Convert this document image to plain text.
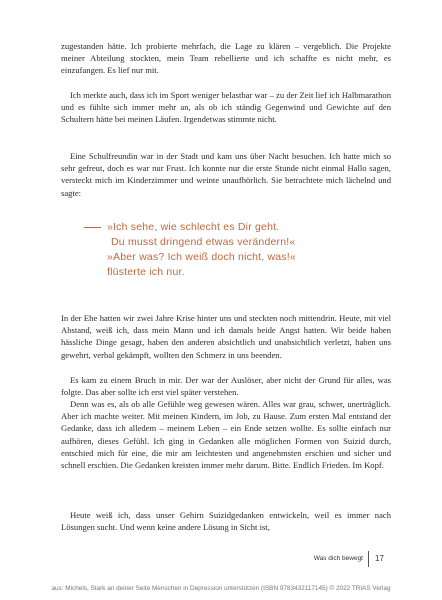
zugestanden hätte. Ich probierte mehrfach, die Lage zu klären – vergeblich. Die Projekte meiner Abteilung stockten, mein Team rebellierte und ich schaffte es nicht mehr, es einzufangen. Es lief nur mit.

Ich merkte auch, dass ich im Sport weniger belastbar war – zu der Zeit lief ich Halbmarathon und es fühlte sich immer mehr an, als ob ich ständig Gegenwind und Gewichte auf den Schultern hätte bei meinen Läufen. Irgendetwas stimmte nicht.

Eine Schulfreundin war in der Stadt und kam uns über Nacht besuchen. Ich hatte mich so sehr gefreut, doch es war nur Frust. Ich konnte nur die erste Stunde nicht einmal Hallo sagen, versteckt mich im Kinderzimmer und weinte unaufhörlich. Sie betrachtete mich lächelnd und sagte:

»Ich sehe, wie schlecht es Dir geht.
Du musst dringend etwas verändern!«
»Aber was? Ich weiß doch nicht, was!«
flüsterte ich nur.

In der Ehe hatten wir zwei Jahre Krise hinter uns und steckten noch mittendrin. Heute, mit viel Abstand, weiß ich, dass mein Mann und ich damals beide Angst hatten. Wir beide haben hässliche Dinge gesagt, haben den anderen absichtlich und unabsichtlich verletzt, haben uns gewehrt, verbal gekämpft, wollten den Schmerz in uns beenden.

Es kam zu einem Bruch in mir. Der war der Auslöser, aber nicht der Grund für alles, was folgte. Das aber sollte ich erst viel später verstehen.

Denn was es, als ob alle Gefühle weg gewesen wären. Alles war grau, schwer, unerträglich. Aber ich machte weiter. Mit meinen Kindern, im Job, zu Hause. Zum ersten Mal entstand der Gedanke, dass ich alledem – meinem Leben – ein Ende setzen wollte. Es sollte einfach nur aufhören, dieses Gefühl. Ich ging in Gedanken alle möglichen Formen von Suizid durch, entschied mich für eine, die mir am leichtesten und angenehmsten erschien und sicher und schnell erschien. Die Gedanken kreisten immer mehr darum. Bitte. Endlich Frieden. Im Kopf.

Heute weiß ich, dass unser Gehirn Suizidgedanken entwickeln, weil es immer nach Lösungen sucht. Und wenn keine andere Lösung in Sicht ist,

Was dich bewegt 17
aus: Michels, Stark an deiner Seite Menschen in Depression unterstützen (ISBN 9783432117145) © 2022 TRIAS Verlag
